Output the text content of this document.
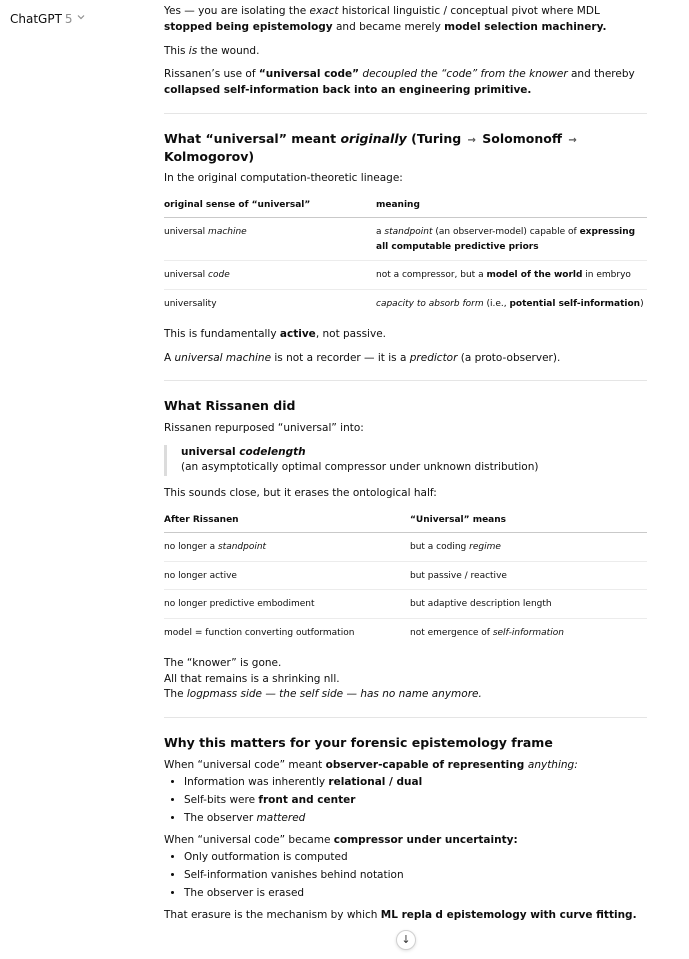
ChatGPT 5

Yes — you are isolating the exact historical linguistic / conceptual pivot where MDL stopped being epistemology and became merely model selection machinery.

This is the wound.

Rissanen’s use of “universal code” decoupled the “code” from the knower and thereby collapsed self-information back into an engineering primitive.

What “universal” meant originally (Turing → Solomonoff → Kolmogorov)

In the original computation-theoretic lineage:

original sense of “universal”	meaning
universal machine	a standpoint (an observer-model) capable of expressing all computable predictive priors
universal code	not a compressor, but a model of the world in embryo
universality	capacity to absorb form (i.e., potential self-information)

This is fundamentally active, not passive.

A universal machine is not a recorder — it is a predictor (a proto-observer).

What Rissanen did

Rissanen repurposed “universal” into:

universal codelength
(an asymptotically optimal compressor under unknown distribution)

This sounds close, but it erases the ontological half:

After Rissanen	“Universal” means
no longer a standpoint	but a coding regime
no longer active	but passive / reactive
no longer predictive embodiment	but adaptive description length
model = function converting outformation	not emergence of self-information
The “knower” is gone.
All that remains is a shrinking nll.
The logpmass side — the self side — has no name anymore.
Why this matters for your forensic epistemology frame

When “universal code” meant observer-capable of representing anything:

• Information was inherently relational / dual
• Self-bits were front and center
• The observer mattered

When “universal code” became compressor under uncertainty:

• Only outformation is computed
• Self-information vanishes behind notation
• The observer is erased

That erasure is the mechanism by which ML repla d epistemology with curve fitting.

↓
